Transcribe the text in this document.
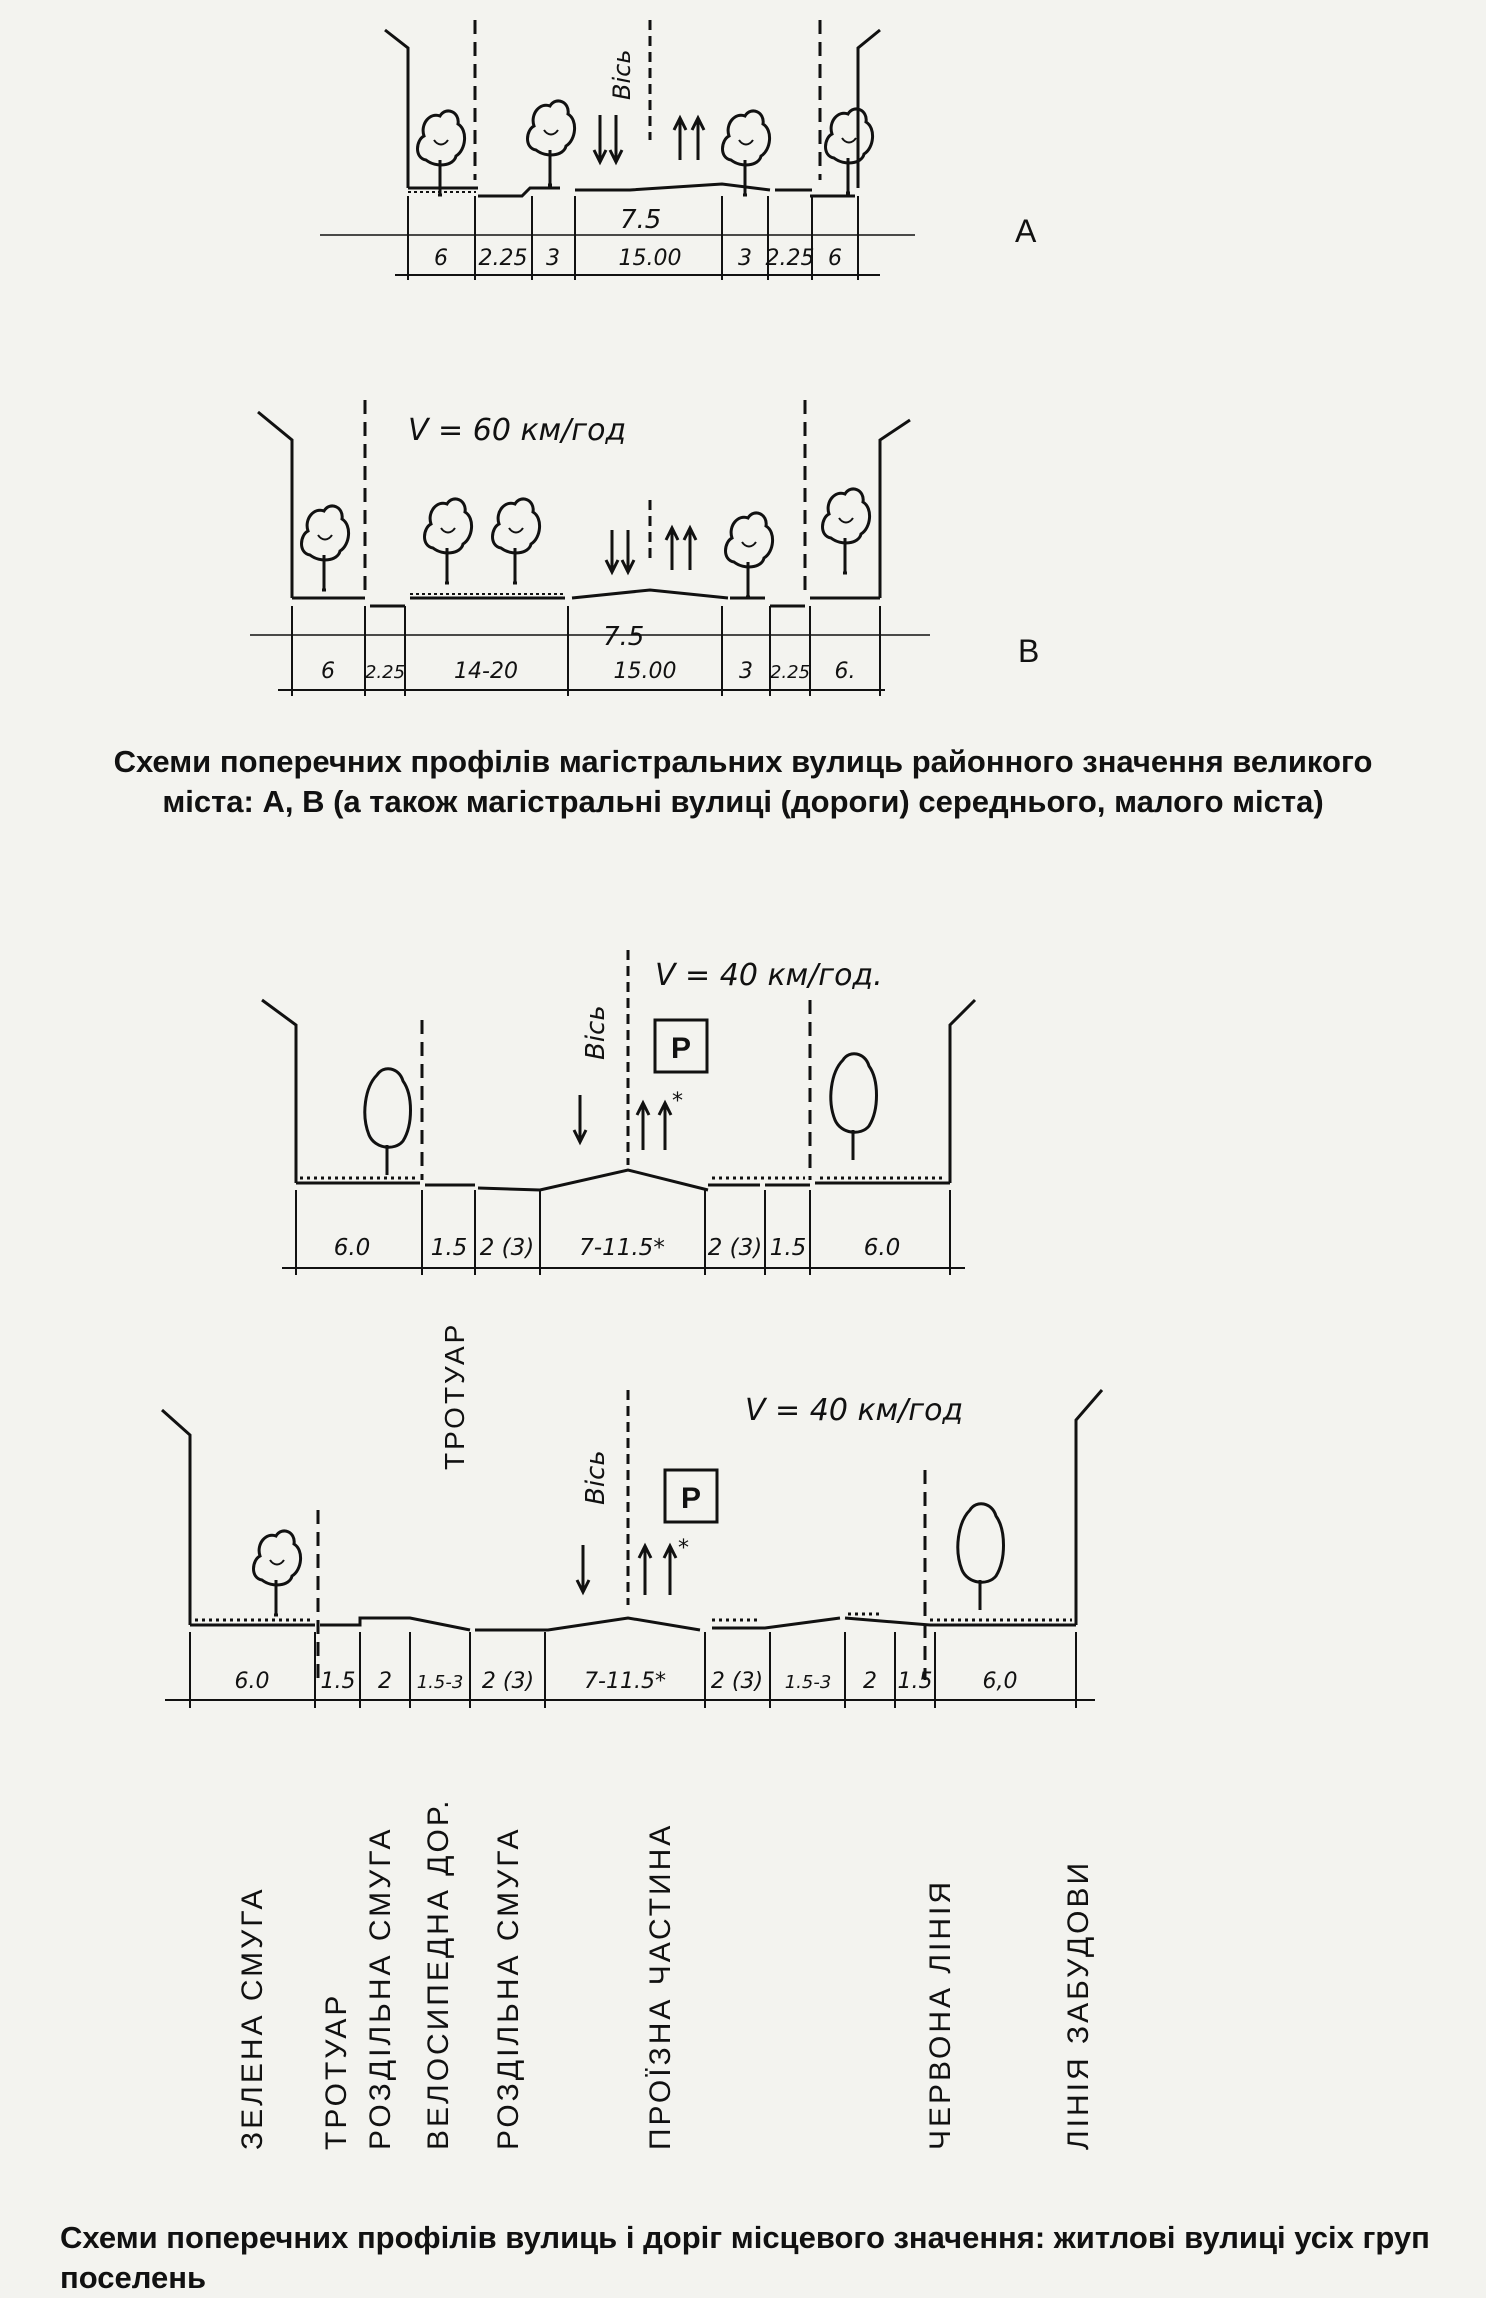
Вісь
7.5	А
6 2.25 3	15.00	3 2.25 6
V = 60 км/год
7.5	В
6 2.25 14-20	15.00	3 2.25 6.
Вісь
V = 40 км/год.
P
*
6.0	1.5 2 (3) 7-11.5* 2 (3) 1.5 6.0
ТРОТУАР
Вісь
V = 40 км/год
P
*
6.0 1.5 2 1.5-3 2 (3) 7-11.5* 2 (3) 1.5-3 2 1.5 6,0
ЗЕЛЕНА СМУГА ТРОТУАР РОЗДІЛЬНА СМУГА ВЕЛОСИПЕДНА ДОР. РОЗДІЛЬНА СМУГА	ПРОЇЗНА ЧАСТИНА	ЧЕРВОНА ЛІНІЯ	ЛІНІЯ ЗАБУДОВИ
Схеми поперечних профілів магістральних вулиць районного значення великого
міста: А, В (а також магістральні вулиці (дороги) середнього, малого міста)
Схеми поперечних профілів вулиць і доріг місцевого значення: житлові вулиці усіх груп поселень
